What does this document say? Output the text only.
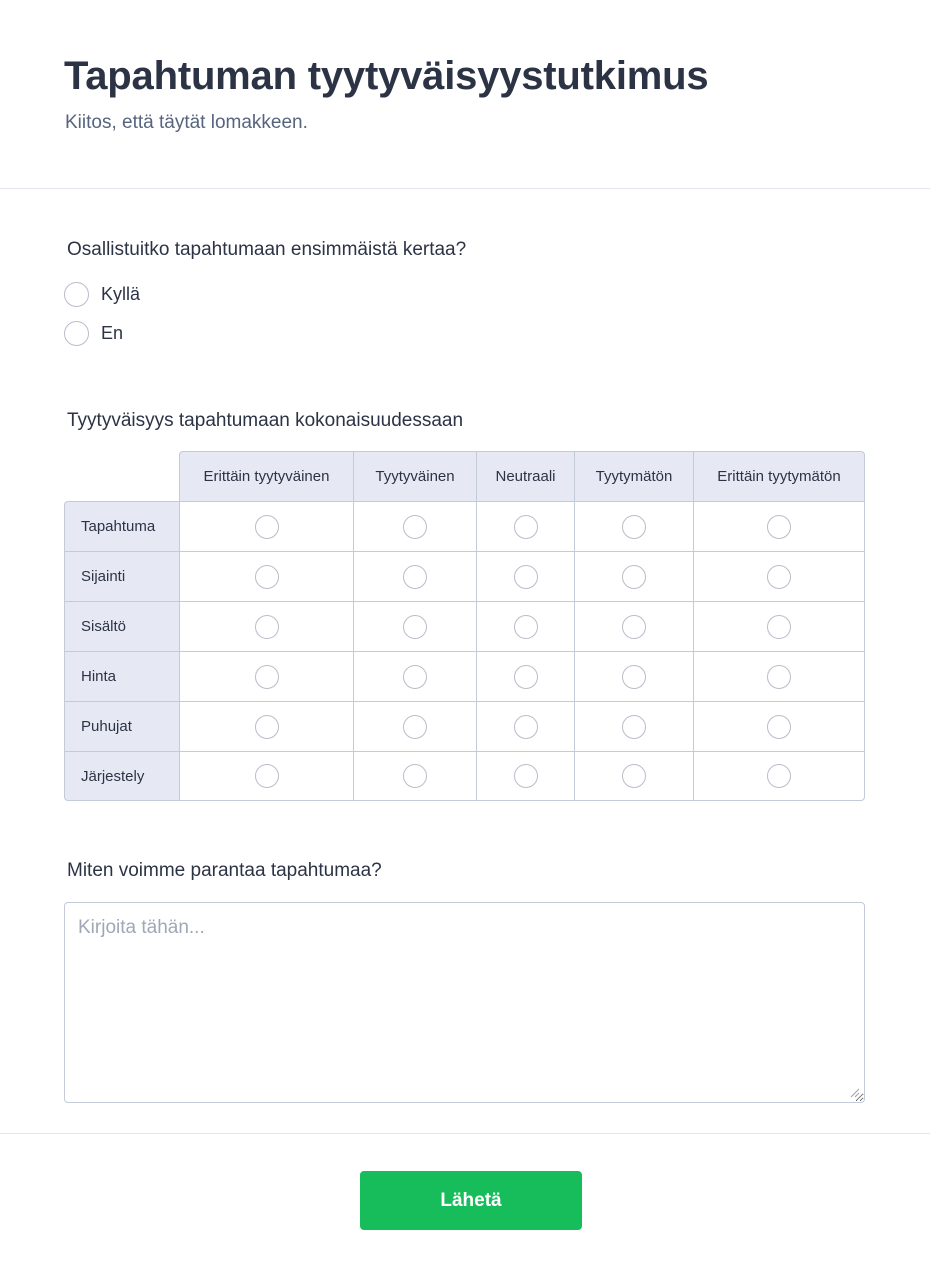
Tapahtuman tyytyväisyystutkimus
Kiitos, että täytät lomakkeen.
Osallistuitko tapahtumaan ensimmäistä kertaa?
Kyllä
En
Tyytyväisyys tapahtumaan kokonaisuudessaan
	Erittäin tyytyväinen	Tyytyväinen	Neutraali	Tyytymätön	Erittäin tyytymätön
Tapahtuma					
Sijainti					
Sisältö					
Hinta					
Puhujat					
Järjestely					
Miten voimme parantaa tapahtumaa?
Kirjoita tähän...
Lähetä
